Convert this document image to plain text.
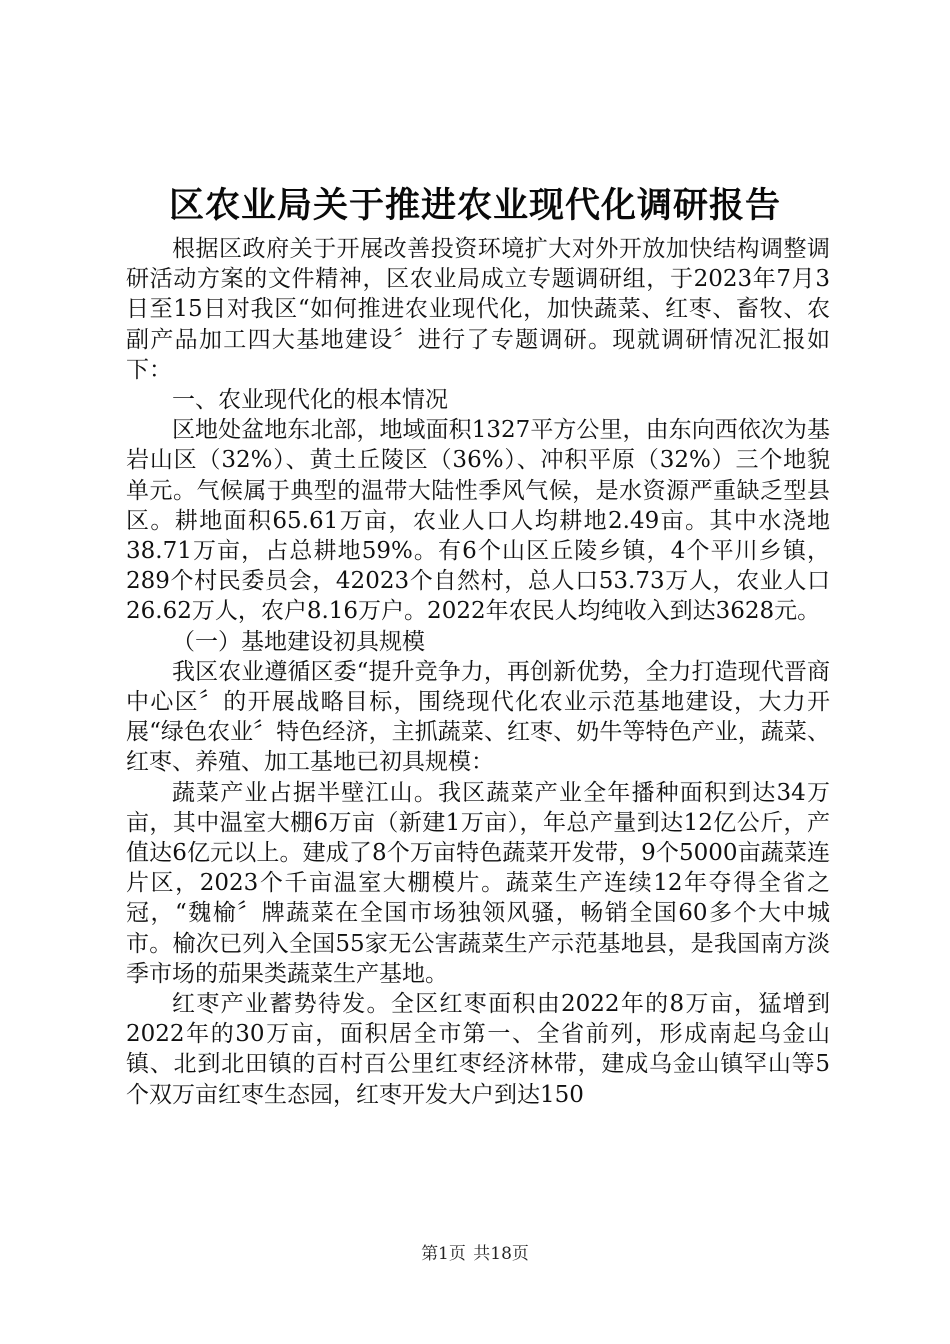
区农业局关于推进农业现代化调研报告

根据区政府关于开展改善投资环境扩大对外开放加快结构调整调研活动方案的文件精神，区农业局成立专题调研组，于2023年7月3日至15日对我区“如何推进农业现代化，加快蔬菜、红枣、畜牧、农副产品加工四大基地建设〞进行了专题调研。现就调研情况汇报如下：

一、农业现代化的根本情况

区地处盆地东北部，地域面积1327平方公里，由东向西依次为基岩山区（32%）、黄土丘陵区（36%）、冲积平原（32%）三个地貌单元。气候属于典型的温带大陆性季风气候，是水资源严重缺乏型县区。耕地面积65.61万亩，农业人口人均耕地2.49亩。其中水浇地38.71万亩，占总耕地59%。有6个山区丘陵乡镇，4个平川乡镇，289个村民委员会，42023个自然村，总人口53.73万人，农业人口26.62万人，农户8.16万户。2022年农民人均纯收入到达3628元。

（一）基地建设初具规模

我区农业遵循区委“提升竞争力，再创新优势，全力打造现代晋商中心区〞的开展战略目标，围绕现代化农业示范基地建设，大力开展“绿色农业〞特色经济，主抓蔬菜、红枣、奶牛等特色产业，蔬菜、红枣、养殖、加工基地已初具规模：

蔬菜产业占据半壁江山。我区蔬菜产业全年播种面积到达34万亩，其中温室大棚6万亩（新建1万亩），年总产量到达12亿公斤，产值达6亿元以上。建成了8个万亩特色蔬菜开发带，9个5000亩蔬菜连片区，2023个千亩温室大棚模片。蔬菜生产连续12年夺得全省之冠，“魏榆〞牌蔬菜在全国市场独领风骚，畅销全国60多个大中城市。榆次已列入全国55家无公害蔬菜生产示范基地县，是我国南方淡季市场的茄果类蔬菜生产基地。

红枣产业蓄势待发。全区红枣面积由2022年的8万亩，猛增到2022年的30万亩，面积居全市第一、全省前列，形成南起乌金山镇、北到北田镇的百村百公里红枣经济林带，建成乌金山镇罕山等5个双万亩红枣生态园，红枣开发大户到达150

第1页 共18页
